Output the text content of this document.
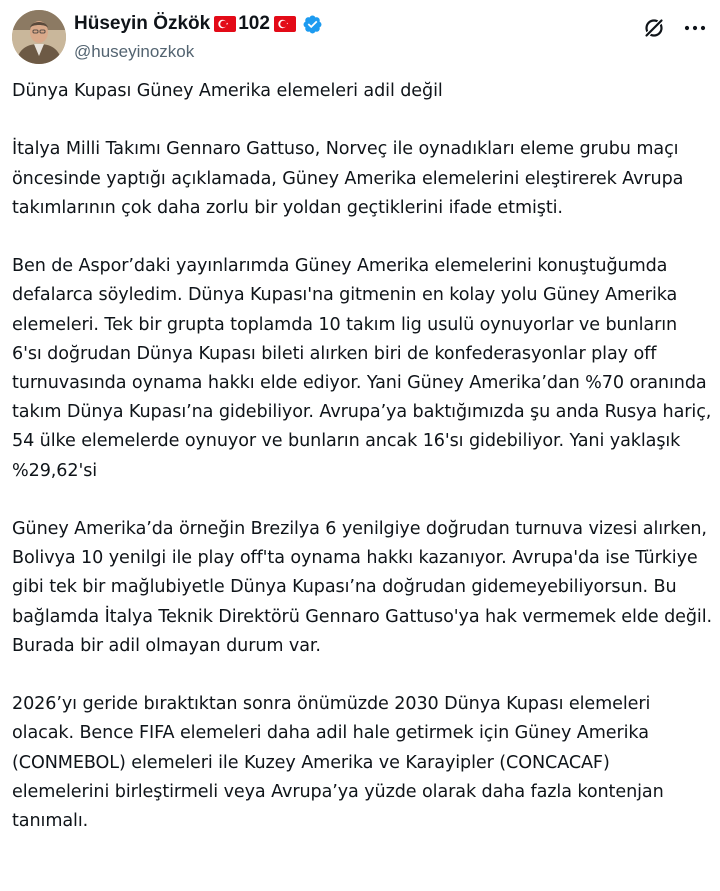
Hüseyin Özkök 102
@huseyinozkok

Dünya Kupası Güney Amerika elemeleri adil değil

İtalya Milli Takımı Gennaro Gattuso, Norveç ile oynadıkları eleme grubu maçı öncesinde yaptığı açıklamada, Güney Amerika elemelerini eleştirerek Avrupa takımlarının çok daha zorlu bir yoldan geçtiklerini ifade etmişti.

Ben de Aspor’daki yayınlarımda Güney Amerika elemelerini konuştuğumda defalarca söyledim. Dünya Kupası'na gitmenin en kolay yolu Güney Amerika elemeleri. Tek bir grupta toplamda 10 takım lig usulü oynuyorlar ve bunların 6'sı doğrudan Dünya Kupası bileti alırken biri de konfederasyonlar play off turnuvasında oynama hakkı elde ediyor. Yani Güney Amerika’dan %70 oranında takım Dünya Kupası’na gidebiliyor. Avrupa’ya baktığımızda şu anda Rusya hariç, 54 ülke elemelerde oynuyor ve bunların ancak 16'sı gidebiliyor. Yani yaklaşık %29,62'si

Güney Amerika’da örneğin Brezilya 6 yenilgiye doğrudan turnuva vizesi alırken, Bolivya 10 yenilgi ile play off'ta oynama hakkı kazanıyor. Avrupa'da ise Türkiye gibi tek bir mağlubiyetle Dünya Kupası’na doğrudan gidemeyebiliyorsun. Bu bağlamda İtalya Teknik Direktörü Gennaro Gattuso'ya hak vermemek elde değil. Burada bir adil olmayan durum var.

2026’yı geride bıraktıktan sonra önümüzde 2030 Dünya Kupası elemeleri olacak. Bence FIFA elemeleri daha adil hale getirmek için Güney Amerika (CONMEBOL) elemeleri ile Kuzey Amerika ve Karayipler (CONCACAF) elemelerini birleştirmeli veya Avrupa’ya yüzde olarak daha fazla kontenjan tanımalı.
